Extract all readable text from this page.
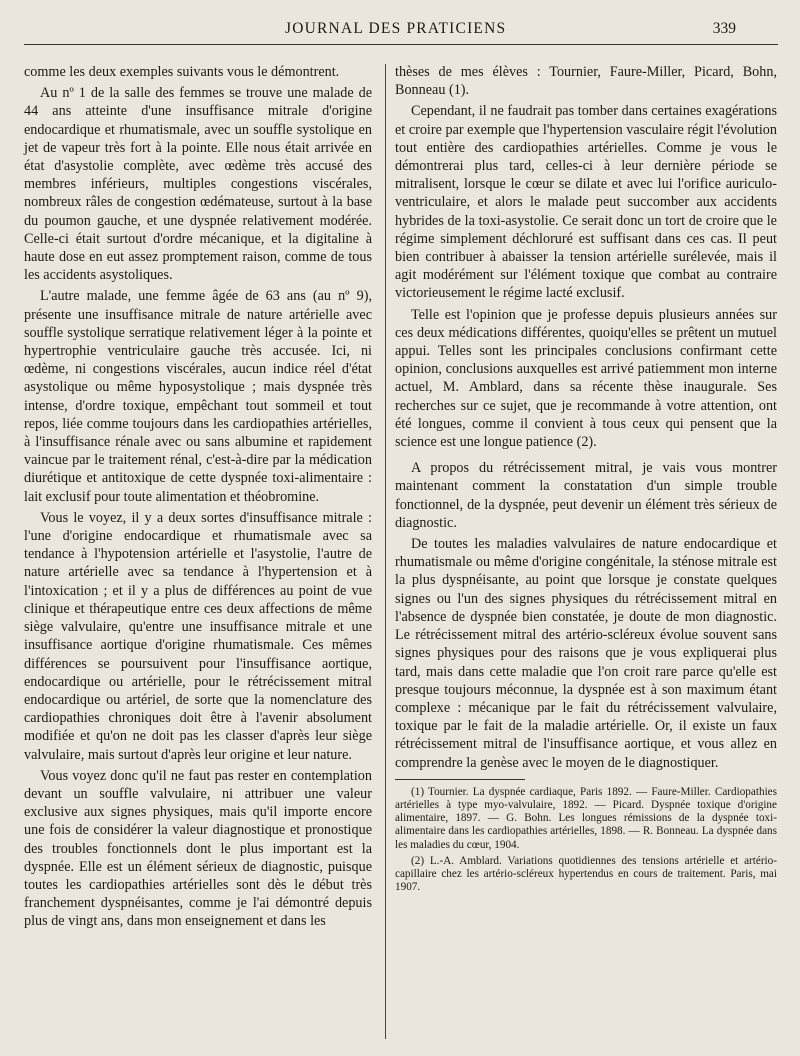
JOURNAL DES PRATICIENS	339

comme les deux exemples suivants vous le démontrent.

Au nº 1 de la salle des femmes se trouve une malade de 44 ans atteinte d'une insuffisance mitrale d'origine endocardique et rhumatismale, avec un souffle systolique en jet de vapeur très fort à la pointe. Elle nous était arrivée en état d'asystolie complète, avec œdème très accusé des membres inférieurs, multiples congestions viscérales, nombreux râles de congestion œdémateuse, surtout à la base du poumon gauche, et une dyspnée relativement modérée. Celle-ci était surtout d'ordre mécanique, et la digitaline à haute dose en eut assez promptement raison, comme de tous les accidents asystoliques.

L'autre malade, une femme âgée de 63 ans (au nº 9), présente une insuffisance mitrale de nature artérielle avec souffle systolique serratique relativement léger à la pointe et hypertrophie ventriculaire gauche très accusée. Ici, ni œdème, ni congestions viscérales, aucun indice réel d'état asystolique ou même hyposystolique ; mais dyspnée très intense, d'ordre toxique, empêchant tout sommeil et tout repos, liée comme toujours dans les cardiopathies artérielles, à l'insuffisance rénale avec ou sans albumine et rapidement vaincue par le traitement rénal, c'est-à-dire par la médication diurétique et antitoxique de cette dyspnée toxi-alimentaire : lait exclusif pour toute alimentation et théobromine.

Vous le voyez, il y a deux sortes d'insuffisance mitrale : l'une d'origine endocardique et rhumatismale avec sa tendance à l'hypotension artérielle et l'asystolie, l'autre de nature artérielle avec sa tendance à l'hypertension et à l'intoxication ; et il y a plus de différences au point de vue clinique et thérapeutique entre ces deux affections de même siège valvulaire, qu'entre une insuffisance mitrale et une insuffisance aortique d'origine rhumatismale. Ces mêmes différences se poursuivent pour l'insuffisance aortique, endocardique ou artérielle, pour le rétrécissement mitral endocardique ou artériel, de sorte que la nomenclature des cardiopathies chroniques doit être à l'avenir absolument modifiée et qu'on ne doit pas les classer d'après leur siège valvulaire, mais surtout d'après leur origine et leur nature.

Vous voyez donc qu'il ne faut pas rester en contemplation devant un souffle valvulaire, ni attribuer une valeur exclusive aux signes physiques, mais qu'il importe encore une fois de considérer la valeur diagnostique et pronostique des troubles fonctionnels dont le plus important est la dyspnée. Elle est un élément sérieux de diagnostic, puisque toutes les cardiopathies artérielles sont dès le début très franchement dyspnéisantes, comme je l'ai démontré depuis plus de vingt ans, dans mon enseignement et dans les

thèses de mes élèves : Tournier, Faure-Miller, Picard, Bohn, Bonneau (1).

Cependant, il ne faudrait pas tomber dans certaines exagérations et croire par exemple que l'hypertension vasculaire régit l'évolution tout entière des cardiopathies artérielles. Comme je vous le démontrerai plus tard, celles-ci à leur dernière période se mitralisent, lorsque le cœur se dilate et avec lui l'orifice auriculo-ventriculaire, et alors le malade peut succomber aux accidents hybrides de la toxi-asystolie. Ce serait donc un tort de croire que le régime simplement déchloruré est suffisant dans ces cas. Il peut bien contribuer à abaisser la tension artérielle surélevée, mais il agit modérément sur l'élément toxique que combat au contraire victorieusement le régime lacté exclusif.

Telle est l'opinion que je professe depuis plusieurs années sur ces deux médications différentes, quoiqu'elles se prêtent un mutuel appui. Telles sont les principales conclusions confirmant cette opinion, conclusions auxquelles est arrivé patiemment mon interne actuel, M. Amblard, dans sa récente thèse inaugurale. Ses recherches sur ce sujet, que je recommande à votre attention, ont été longues, comme il convient à tous ceux qui pensent que la science est une longue patience (2).

A propos du rétrécissement mitral, je vais vous montrer maintenant comment la constatation d'un simple trouble fonctionnel, de la dyspnée, peut devenir un élément très sérieux de diagnostic.

De toutes les maladies valvulaires de nature endocardique et rhumatismale ou même d'origine congénitale, la sténose mitrale est la plus dyspnéisante, au point que lorsque je constate quelques signes ou l'un des signes physiques du rétrécissement mitral en l'absence de dyspnée bien constatée, je doute de mon diagnostic. Le rétrécissement mitral des artério-scléreux évolue souvent sans signes physiques pour des raisons que je vous expliquerai plus tard, mais dans cette maladie que l'on croit rare parce qu'elle est presque toujours méconnue, la dyspnée est à son maximum étant complexe : mécanique par le fait du rétrécissement valvulaire, toxique par le fait de la maladie artérielle. Or, il existe un faux rétrécissement mitral de l'insuffisance aortique, et vous allez en comprendre la genèse avec le moyen de le diagnostiquer.

(1) Tournier. La dyspnée cardiaque, Paris 1892. — Faure-Miller. Cardiopathies artérielles à type myo-valvulaire, 1892. — Picard. Dyspnée toxique d'origine alimentaire, 1897. — G. Bohn. Les longues rémissions de la dyspnée toxi-alimentaire dans les cardiopathies artérielles, 1898. — R. Bonneau. La dyspnée dans les maladies du cœur, 1904.

(2) L.-A. Amblard. Variations quotidiennes des tensions artérielle et artério-capillaire chez les artério-scléreux hypertendus en cours de traitement. Paris, mai 1907.
